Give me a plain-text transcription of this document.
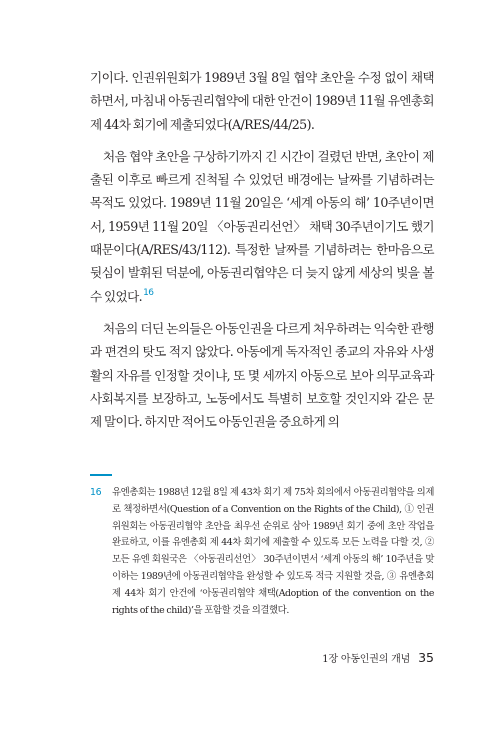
기이다. 인권위원회가 1989년 3월 8일 협약 초안을 수정 없이 채택하면서, 마침내 아동권리협약에 대한 안건이 1989년 11월 유엔총회 제 44차 회기에 제출되었다(A/RES/44/25).

처음 협약 초안을 구상하기까지 긴 시간이 걸렸던 반면, 초안이 제출된 이후로 빠르게 진척될 수 있었던 배경에는 날짜를 기념하려는 목적도 있었다. 1989년 11월 20일은 ‘세계 아동의 해’ 10주년이면서, 1959년 11월 20일 〈아동권리선언〉 채택 30주년이기도 했기 때문이다(A/RES/43/112). 특정한 날짜를 기념하려는 한마음으로 뒷심이 발휘된 덕분에, 아동권리협약은 더 늦지 않게 세상의 빛을 볼 수 있었다.$^{16}$

처음의 더딘 논의들은 아동인권을 다르게 처우하려는 익숙한 관행과 편견의 탓도 적지 않았다. 아동에게 독자적인 종교의 자유와 사생활의 자유를 인정할 것이냐, 또 몇 세까지 아동으로 보아 의무교육과 사회복지를 보장하고, 노동에서도 특별히 보호할 것인지와 같은 문제 말이다. 하지만 적어도 아동인권을 중요하게 의

16 유엔총회는 1988년 12월 8일 제 43차 회기 제 75차 회의에서 아동권리협약을 의제로 책정하면서(Question of a Convention on the Rights of the Child), ① 인권위원회는 아동권리협약 초안을 최우선 순위로 삼아 1989년 회기 중에 초안 작업을 완료하고, 이를 유엔총회 제 44차 회기에 제출할 수 있도록 모든 노력을 다할 것, ② 모든 유엔 회원국은 〈아동권리선언〉 30주년이면서 ‘세계 아동의 해’ 10주년을 맞이하는 1989년에 아동권리협약을 완성할 수 있도록 적극 지원할 것을, ③ 유엔총회 제 44차 회기 안건에 ‘아동권리협약 채택(Adoption of the convention on the rights of the child)’을 포함할 것을 의결했다.
1장 아동인권의 개념 35
